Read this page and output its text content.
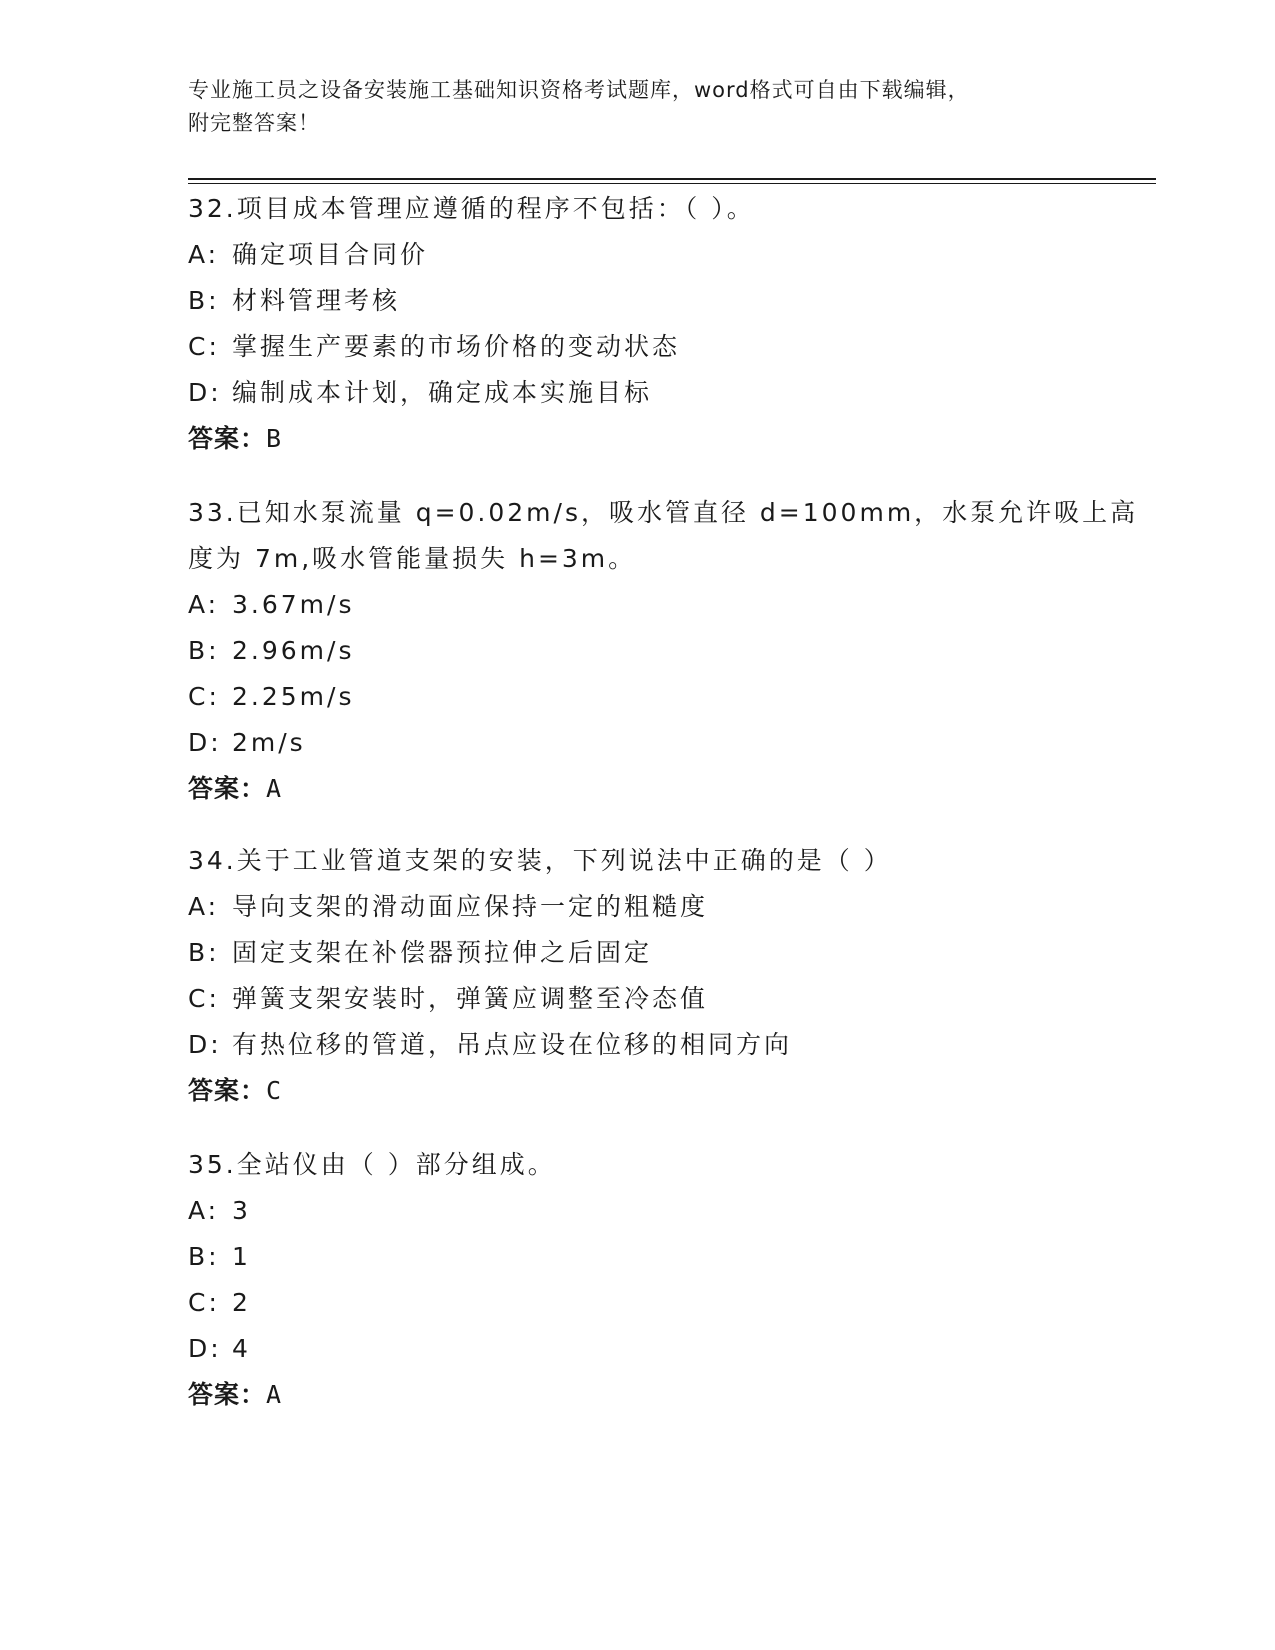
专业施工员之设备安装施工基础知识资格考试题库，word格式可自由下载编辑，
附完整答案！
32.项目成本管理应遵循的程序不包括：（ ）。
A: 确定项目合同价
B: 材料管理考核
C: 掌握生产要素的市场价格的变动状态
D: 编制成本计划，确定成本实施目标
答案：B
33.已知水泵流量 q=0.02m/s，吸水管直径 d=100mm，水泵允许吸上高
度为 7m,吸水管能量损失 h=3m。
A: 3.67m/s
B: 2.96m/s
C: 2.25m/s
D: 2m/s
答案：A
34.关于工业管道支架的安装，下列说法中正确的是（ ）
A: 导向支架的滑动面应保持一定的粗糙度
B: 固定支架在补偿器预拉伸之后固定
C: 弹簧支架安装时，弹簧应调整至冷态值
D: 有热位移的管道，吊点应设在位移的相同方向
答案：C
35.全站仪由（ ）部分组成。
A: 3
B: 1
C: 2
D: 4
答案：A
